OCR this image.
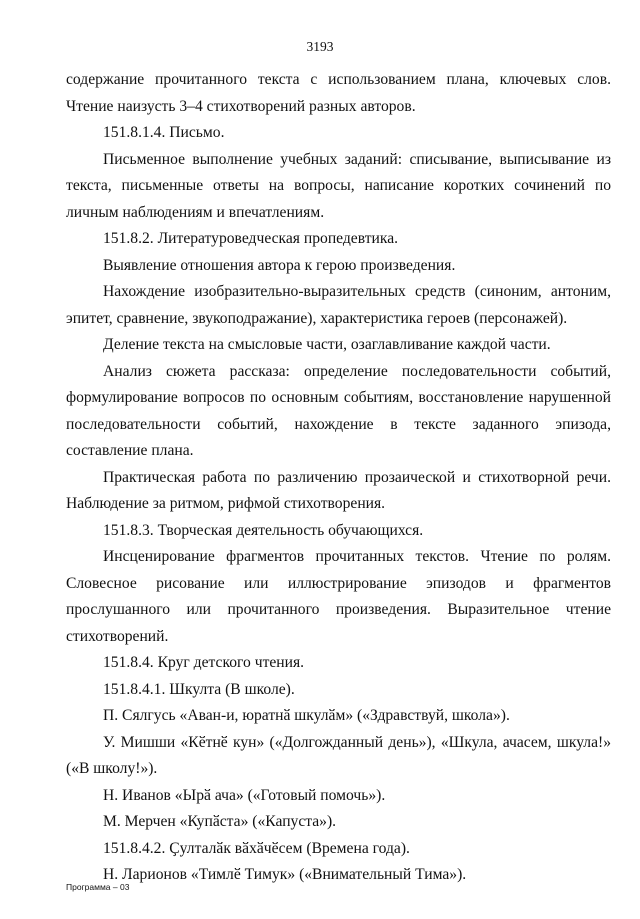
3193

содержание прочитанного текста с использованием плана, ключевых слов. Чтение наизусть 3–4 стихотворений разных авторов.

151.8.1.4. Письмо.

Письменное выполнение учебных заданий: списывание, выписывание из текста, письменные ответы на вопросы, написание коротких сочинений по личным наблюдениям и впечатлениям.

151.8.2. Литературоведческая пропедевтика.

Выявление отношения автора к герою произведения.

Нахождение изобразительно-выразительных средств (синоним, антоним, эпитет, сравнение, звукоподражание), характеристика героев (персонажей).

Деление текста на смысловые части, озаглавливание каждой части.

Анализ сюжета рассказа: определение последовательности событий, формулирование вопросов по основным событиям, восстановление нарушенной последовательности событий, нахождение в тексте заданного эпизода, составление плана.

Практическая работа по различению прозаической и стихотворной речи. Наблюдение за ритмом, рифмой стихотворения.

151.8.3. Творческая деятельность обучающихся.

Инсценирование фрагментов прочитанных текстов. Чтение по ролям. Словесное рисование или иллюстрирование эпизодов и фрагментов прослушанного или прочитанного произведения. Выразительное чтение стихотворений.

151.8.4. Круг детского чтения.

151.8.4.1. Шкулта (В школе).

П. Сялгусь «Аван-и, юратнӑ шкулӑм» («Здравствуй, школа»).

У. Мишши «Кӗтнӗ кун» («Долгожданный день»), «Шкула, ачасем, шкула!» («В школу!»).

Н. Иванов «Ырӑ ача» («Готовый помочь»).

М. Мерчен «Купӑста» («Капуста»).

151.8.4.2. Ҫулталӑк вӑхӑчӗсем (Времена года).

Н. Ларионов «Тимлӗ Тимук» («Внимательный Тима»).

Программа – 03
